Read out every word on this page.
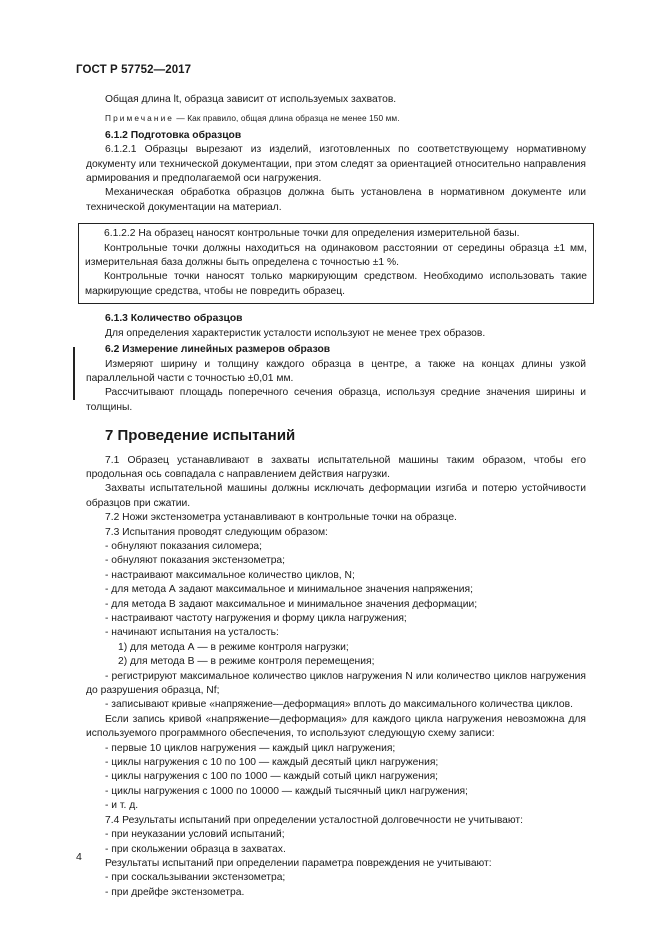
ГОСТ Р 57752—2017

Общая длина lt, образца зависит от используемых захватов.

Примечание — Как правило, общая длина образца не менее 150 мм.

6.1.2 Подготовка образцов

6.1.2.1 Образцы вырезают из изделий, изготовленных по соответствующему нормативному документу или технической документации, при этом следят за ориентацией относительно направления армирования и предполагаемой оси нагружения.

Механическая обработка образцов должна быть установлена в нормативном документе или технической документации на материал.

6.1.2.2 На образец наносят контрольные точки для определения измерительной базы.

Контрольные точки должны находиться на одинаковом расстоянии от середины образца ±1 мм, измерительная база должны быть определена с точностью ±1 %.

Контрольные точки наносят только маркирующим средством. Необходимо использовать такие маркирующие средства, чтобы не повредить образец.

6.1.3 Количество образцов

Для определения характеристик усталости используют не менее трех образов.

6.2 Измерение линейных размеров образов

Измеряют ширину и толщину каждого образца в центре, а также на концах длины узкой параллельной части с точностью ±0,01 мм.

Рассчитывают площадь поперечного сечения образца, используя средние значения ширины и толщины.

7 Проведение испытаний

7.1 Образец устанавливают в захваты испытательной машины таким образом, чтобы его продольная ось совпадала с направлением действия нагрузки.

Захваты испытательной машины должны исключать деформации изгиба и потерю устойчивости образцов при сжатии.

7.2 Ножи экстензометра устанавливают в контрольные точки на образце.

7.3 Испытания проводят следующим образом:

- обнуляют показания силомера;

- обнуляют показания экстензометра;

- настраивают максимальное количество циклов, N;

- для метода А задают максимальное и минимальное значения напряжения;

- для метода В задают максимальное и минимальное значения деформации;

- настраивают частоту нагружения и форму цикла нагружения;

- начинают испытания на усталость:

1) для метода А — в режиме контроля нагрузки;

2) для метода В — в режиме контроля перемещения;

- регистрируют максимальное количество циклов нагружения N или количество циклов нагружения до разрушения образца, Nf;

- записывают кривые «напряжение—деформация» вплоть до максимального количества циклов.

Если запись кривой «напряжение—деформация» для каждого цикла нагружения невозможна для используемого программного обеспечения, то используют следующую схему записи:

- первые 10 циклов нагружения — каждый цикл нагружения;

- циклы нагружения с 10 по 100 — каждый десятый цикл нагружения;

- циклы нагружения с 100 по 1000 — каждый сотый цикл нагружения;

- циклы нагружения с 1000 по 10000 — каждый тысячный цикл нагружения;

- и т. д.

7.4 Результаты испытаний при определении усталостной долговечности не учитывают:

- при неуказании условий испытаний;

- при скольжении образца в захватах.

Результаты испытаний при определении параметра повреждения не учитывают:

- при соскальзывании экстензометра;

- при дрейфе экстензометра.

4
